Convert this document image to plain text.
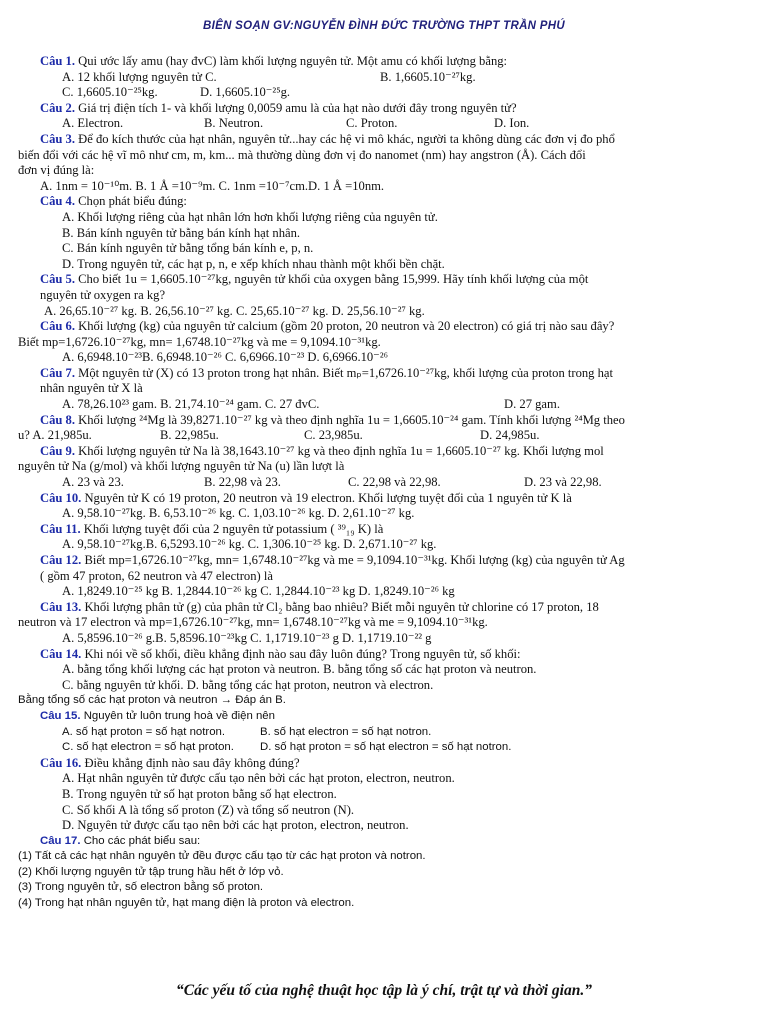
BIÊN SOẠN GV:NGUYỄN ĐÌNH ĐỨC TRƯỜNG THPT TRẦN PHÚ
Câu 1. Qui ước lấy amu (hay đvC) làm khối lượng nguyên tử. Một amu có khối lượng bằng:
A. 12 khối lượng nguyên tử C.	B. 1,6605.10⁻²⁷kg.
C. 1,6605.10⁻²⁵kg.	D. 1,6605.10⁻²⁵g.
Câu 2. Giá trị điện tích 1- và khối lượng 0,0059 amu là của hạt nào dưới đây trong nguyên tử?
A. Electron.	B. Neutron.	C. Proton.	D. Ion.
Câu 3. Để đo kích thước của hạt nhân, nguyên tử...hay các hệ vi mô khác, người ta không dùng các đơn vị đo phổ
biến đổi với các hệ vĩ mô như cm, m, km... mà thường dùng đơn vị đo nanomet (nm) hay angstron (Å). Cách đổi
đơn vị đúng là:
A. 1nm = 10⁻¹⁰m. B. 1 Å =10⁻⁹m. C. 1nm =10⁻⁷cm.D. 1 Å =10nm.
Câu 4. Chọn phát biểu đúng:
A. Khối lượng riêng của hạt nhân lớn hơn khối lượng riêng của nguyên tử.
B. Bán kính nguyên tử bằng bán kính hạt nhân.
C. Bán kính nguyên tử bằng tổng bán kính e, p, n.
D. Trong nguyên tử, các hạt p, n, e xếp khích nhau thành một khối bền chặt.
Câu 5. Cho biết 1u = 1,6605.10⁻²⁷kg, nguyên tử khối của oxygen bằng 15,999. Hãy tính khối lượng của một
nguyên tử oxygen ra kg?
A. 26,65.10⁻²⁷ kg. B. 26,56.10⁻²⁷ kg. C. 25,65.10⁻²⁷ kg. D. 25,56.10⁻²⁷ kg.
Câu 6. Khối lượng (kg) của nguyên tử calcium (gồm 20 proton, 20 neutron và 20 electron) có giá trị nào sau đây?
Biết mp=1,6726.10⁻²⁷kg, mn= 1,6748.10⁻²⁷kg và me = 9,1094.10⁻³¹kg.
A. 6,6948.10⁻²³B. 6,6948.10⁻²⁶ C. 6,6966.10⁻²³ D. 6,6966.10⁻²⁶
Câu 7. Một nguyên tử (X) có 13 proton trong hạt nhân. Biết mₚ=1,6726.10⁻²⁷kg, khối lượng của proton trong hạt
nhân nguyên tử X là
A. 78,26.10²³ gam. B. 21,74.10⁻²⁴ gam. C. 27 đvC.	D. 27 gam.
Câu 8. Khối lượng ²⁴Mg là 39,8271.10⁻²⁷ kg và theo định nghĩa 1u = 1,6605.10⁻²⁴ gam. Tính khối lượng ²⁴Mg theo
u? A. 21,985u.	B. 22,985u.	C. 23,985u.	D. 24,985u.
Câu 9. Khối lượng nguyên tử Na là 38,1643.10⁻²⁷ kg và theo định nghĩa 1u = 1,6605.10⁻²⁷ kg. Khối lượng mol
nguyên tử Na (g/mol) và khối lượng nguyên tử Na (u) lần lượt là
A. 23 và 23.	B. 22,98 và 23.	C. 22,98 và 22,98.	D. 23 và 22,98.
Câu 10. Nguyên tử K có 19 proton, 20 neutron và 19 electron. Khối lượng tuyệt đối của 1 nguyên tử K là
A. 9,58.10⁻²⁷kg. B. 6,53.10⁻²⁶ kg. C. 1,03.10⁻²⁶ kg. D. 2,61.10⁻²⁷ kg.
Câu 11. Khối lượng tuyệt đối của 2 nguyên tử potassium ( ³⁹₁₉ K) là
A. 9,58.10⁻²⁷kg.B. 6,5293.10⁻²⁶ kg. C. 1,306.10⁻²⁵ kg. D. 2,671.10⁻²⁷ kg.
Câu 12. Biết mp=1,6726.10⁻²⁷kg, mn= 1,6748.10⁻²⁷kg và me = 9,1094.10⁻³¹kg. Khối lượng (kg) của nguyên tử Ag
( gồm 47 proton, 62 neutron và 47 electron) là
A. 1,8249.10⁻²⁵ kg B. 1,2844.10⁻²⁶ kg C. 1,2844.10⁻²³ kg D. 1,8249.10⁻²⁶ kg
Câu 13. Khối lượng phân tử (g) của phân tử Cl₂ bằng bao nhiêu? Biết mỗi nguyên tử chlorine có 17 proton, 18
neutron và 17 electron và mp=1,6726.10⁻²⁷kg, mn= 1,6748.10⁻²⁷kg và me = 9,1094.10⁻³¹kg.
A. 5,8596.10⁻²⁶ g.B. 5,8596.10⁻²³kg C. 1,1719.10⁻²³ g D. 1,1719.10⁻²² g
Câu 14. Khi nói về số khối, điều khẳng định nào sau đây luôn đúng? Trong nguyên tử, số khối:
A. bằng tổng khối lượng các hạt proton và neutron. B. bằng tổng số các hạt proton và neutron.
C. bằng nguyên tử khối. D. bằng tổng các hạt proton, neutron và electron.
Bằng tổng số các hạt proton và neutron → Đáp án B.
Câu 15. Nguyên tử luôn trung hoà về điện nên
A. số hạt proton = số hạt notron.	B. số hạt electron = số hạt notron.
C. số hạt electron = số hạt proton.	D. số hạt proton = số hạt electron = số hạt notron.
Câu 16. Điều khẳng định nào sau đây không đúng?
A. Hạt nhân nguyên tử được cấu tạo nên bởi các hạt proton, electron, neutron.
B. Trong nguyên tử số hạt proton bằng số hạt electron.
C. Số khối A là tổng số proton (Z) và tổng số neutron (N).
D. Nguyên tử được cấu tạo nên bởi các hạt proton, electron, neutron.
Câu 17. Cho các phát biểu sau:
(1) Tất cả các hạt nhân nguyên tử đều được cấu tạo từ các hạt proton và notron.
(2) Khối lượng nguyên tử tập trung hầu hết ở lớp vỏ.
(3) Trong nguyên tử, số electron bằng số proton.
(4) Trong hạt nhân nguyên tử, hạt mang điện là proton và electron.
“Các yếu tố của nghệ thuật học tập là ý chí, trật tự và thời gian.”
